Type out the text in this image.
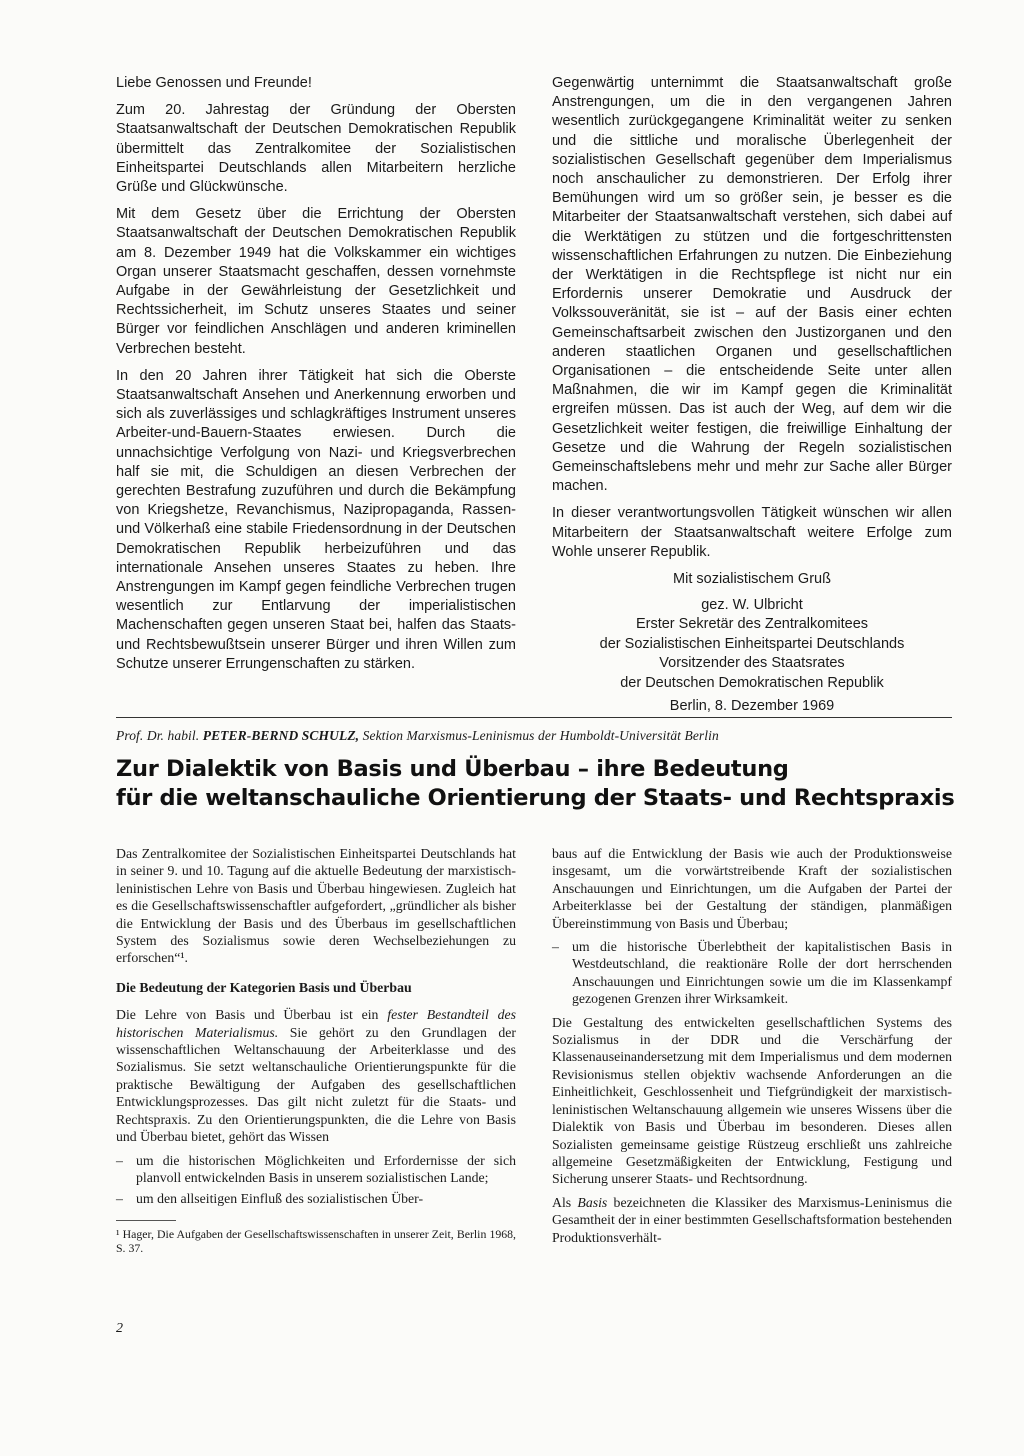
Liebe Genossen und Freunde!

Zum 20. Jahrestag der Gründung der Obersten Staatsanwaltschaft der Deutschen Demokratischen Republik übermittelt das Zentralkomitee der Sozialistischen Einheitspartei Deutschlands allen Mitarbeitern herzliche Grüße und Glückwünsche.

Mit dem Gesetz über die Errichtung der Obersten Staatsanwaltschaft der Deutschen Demokratischen Republik am 8. Dezember 1949 hat die Volkskammer ein wichtiges Organ unserer Staatsmacht geschaffen, dessen vornehmste Aufgabe in der Gewährleistung der Gesetzlichkeit und Rechtssicherheit, im Schutz unseres Staates und seiner Bürger vor feindlichen Anschlägen und anderen kriminellen Verbrechen besteht.

In den 20 Jahren ihrer Tätigkeit hat sich die Oberste Staatsanwaltschaft Ansehen und Anerkennung erworben und sich als zuverlässiges und schlagkräftiges Instrument unseres Arbeiter-und-Bauern-Staates erwiesen. Durch die unnachsichtige Verfolgung von Nazi- und Kriegsverbrechen half sie mit, die Schuldigen an diesen Verbrechen der gerechten Bestrafung zuzuführen und durch die Bekämpfung von Kriegshetze, Revanchismus, Nazipropaganda, Rassen- und Völkerhaß eine stabile Friedensordnung in der Deutschen Demokratischen Republik herbeizuführen und das internationale Ansehen unseres Staates zu heben. Ihre Anstrengungen im Kampf gegen feindliche Verbrechen trugen wesentlich zur Entlarvung der imperialistischen Machenschaften gegen unseren Staat bei, halfen das Staats- und Rechtsbewußtsein unserer Bürger und ihren Willen zum Schutze unserer Errungenschaften zu stärken.

Gegenwärtig unternimmt die Staatsanwaltschaft große Anstrengungen, um die in den vergangenen Jahren wesentlich zurückgegangene Kriminalität weiter zu senken und die sittliche und moralische Überlegenheit der sozialistischen Gesellschaft gegenüber dem Imperialismus noch anschaulicher zu demonstrieren. Der Erfolg ihrer Bemühungen wird um so größer sein, je besser es die Mitarbeiter der Staatsanwaltschaft verstehen, sich dabei auf die Werktätigen zu stützen und die fortgeschrittensten wissenschaftlichen Erfahrungen zu nutzen. Die Einbeziehung der Werktätigen in die Rechtspflege ist nicht nur ein Erfordernis unserer Demokratie und Ausdruck der Volkssouveränität, sie ist – auf der Basis einer echten Gemeinschaftsarbeit zwischen den Justizorganen und den anderen staatlichen Organen und gesellschaftlichen Organisationen – die entscheidende Seite unter allen Maßnahmen, die wir im Kampf gegen die Kriminalität ergreifen müssen. Das ist auch der Weg, auf dem wir die Gesetzlichkeit weiter festigen, die freiwillige Einhaltung der Gesetze und die Wahrung der Regeln sozialistischen Gemeinschaftslebens mehr und mehr zur Sache aller Bürger machen.

In dieser verantwortungsvollen Tätigkeit wünschen wir allen Mitarbeitern der Staatsanwaltschaft weitere Erfolge zum Wohle unserer Republik.

Mit sozialistischem Gruß
gez. W. Ulbricht
Erster Sekretär des Zentralkomitees
der Sozialistischen Einheitspartei Deutschlands
Vorsitzender des Staatsrates
der Deutschen Demokratischen Republik
Berlin, 8. Dezember 1969
Prof. Dr. habil. PETER-BERND SCHULZ, Sektion Marxismus-Leninismus der Humboldt-Universität Berlin
Zur Dialektik von Basis und Überbau – ihre Bedeutung
für die weltanschauliche Orientierung der Staats- und Rechtspraxis

Das Zentralkomitee der Sozialistischen Einheitspartei Deutschlands hat in seiner 9. und 10. Tagung auf die aktuelle Bedeutung der marxistisch-leninistischen Lehre von Basis und Überbau hingewiesen. Zugleich hat es die Gesellschaftswissenschaftler aufgefordert, „gründlicher als bisher die Entwicklung der Basis und des Überbaus im gesellschaftlichen System des Sozialismus sowie deren Wechselbeziehungen zu erforschen“¹.

Die Bedeutung der Kategorien Basis und Überbau

Die Lehre von Basis und Überbau ist ein fester Bestandteil des historischen Materialismus. Sie gehört zu den Grundlagen der wissenschaftlichen Weltanschauung der Arbeiterklasse und des Sozialismus. Sie setzt weltanschauliche Orientierungspunkte für die praktische Bewältigung der Aufgaben des gesellschaftlichen Entwicklungsprozesses. Das gilt nicht zuletzt für die Staats- und Rechtspraxis. Zu den Orientierungspunkten, die die Lehre von Basis und Überbau bietet, gehört das Wissen

– um die historischen Möglichkeiten und Erfordernisse der sich planvoll entwickelnden Basis in unserem sozialistischen Lande;
– um den allseitigen Einfluß des sozialistischen Über-
¹ Hager, Die Aufgaben der Gesellschaftswissenschaften in unserer Zeit, Berlin 1968, S. 37.

baus auf die Entwicklung der Basis wie auch der Produktionsweise insgesamt, um die vorwärtstreibende Kraft der sozialistischen Anschauungen und Einrichtungen, um die Aufgaben der Partei der Arbeiterklasse bei der Gestaltung der ständigen, planmäßigen Übereinstimmung von Basis und Überbau;

– um die historische Überlebtheit der kapitalistischen Basis in Westdeutschland, die reaktionäre Rolle der dort herrschenden Anschauungen und Einrichtungen sowie um die im Klassenkampf gezogenen Grenzen ihrer Wirksamkeit.

Die Gestaltung des entwickelten gesellschaftlichen Systems des Sozialismus in der DDR und die Verschärfung der Klassenauseinandersetzung mit dem Imperialismus und dem modernen Revisionismus stellen objektiv wachsende Anforderungen an die Einheitlichkeit, Geschlossenheit und Tiefgründigkeit der marxistisch-leninistischen Weltanschauung allgemein wie unseres Wissens über die Dialektik von Basis und Überbau im besonderen. Dieses allen Sozialisten gemeinsame geistige Rüstzeug erschließt uns zahlreiche allgemeine Gesetzmäßigkeiten der Entwicklung, Festigung und Sicherung unserer Staats- und Rechtsordnung.

Als Basis bezeichneten die Klassiker des Marxismus-Leninismus die Gesamtheit der in einer bestimmten Gesellschaftsformation bestehenden Produktionsverhält-

2
